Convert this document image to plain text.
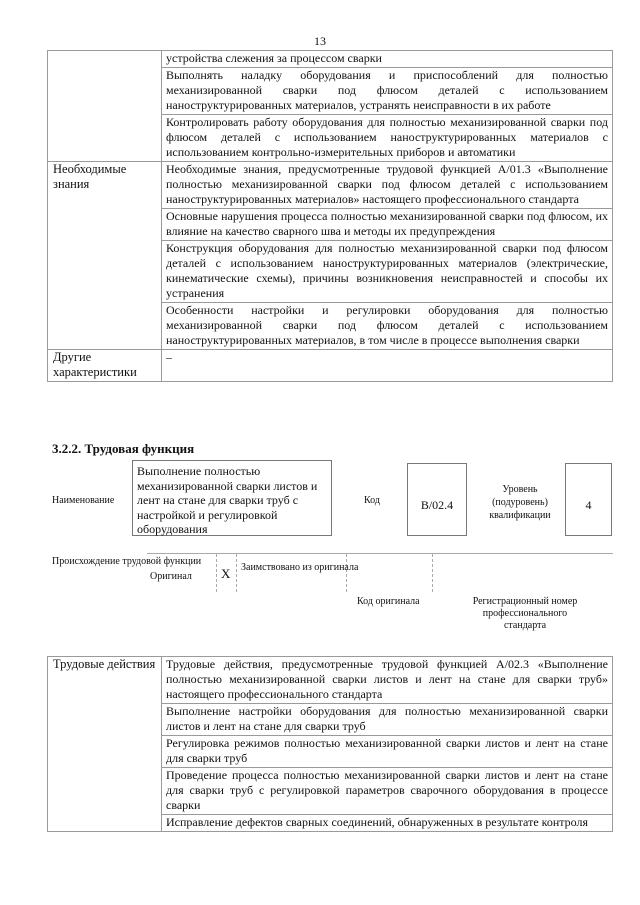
13
	устройства слежения за процессом сварки
	Выполнять наладку оборудования и приспособлений для полностью механизированной сварки под флюсом деталей с использованием наноструктурированных материалов, устранять неисправности в их работе
	Контролировать работу оборудования для полностью механизированной сварки под флюсом деталей с использованием наноструктурированных материалов с использованием контрольно-измерительных приборов и автоматики
Необходимые знания	Необходимые знания, предусмотренные трудовой функцией А/01.3 «Выполнение полностью механизированной сварки под флюсом деталей с использованием наноструктурированных материалов» настоящего профессионального стандарта
	Основные нарушения процесса полностью механизированной сварки под флюсом, их влияние на качество сварного шва и методы их предупреждения
	Конструкция оборудования для полностью механизированной сварки под флюсом деталей с использованием наноструктурированных материалов (электрические, кинематические схемы), причины возникновения неисправностей и способы их устранения
	Особенности настройки и регулировки оборудования для полностью механизированной сварки под флюсом деталей с использованием наноструктурированных материалов, в том числе в процессе выполнения сварки
Другие характеристики	–
3.2.2. Трудовая функция
Наименование
Выполнение полностью механизированной сварки листов и лент на стане для сварки труб с настройкой и регулировкой оборудования
Код	B/02.4
Уровень (подуровень) квалификации
4
Происхождение трудовой функции
Оригинал X Заимствовано из оригинала
Код оригинала	Регистрационный номер профессионального стандарта
Трудовые действия	Трудовые действия, предусмотренные трудовой функцией А/02.3 «Выполнение полностью механизированной сварки листов и лент на стане для сварки труб» настоящего профессионального стандарта
Выполнение настройки оборудования для полностью механизированной сварки листов и лент на стане для сварки труб
Регулировка режимов полностью механизированной сварки листов и лент на стане для сварки труб
Проведение процесса полностью механизированной сварки листов и лент на стане для сварки труб с регулировкой параметров сварочного оборудования в процессе сварки
Исправление дефектов сварных соединений, обнаруженных в результате контроля
